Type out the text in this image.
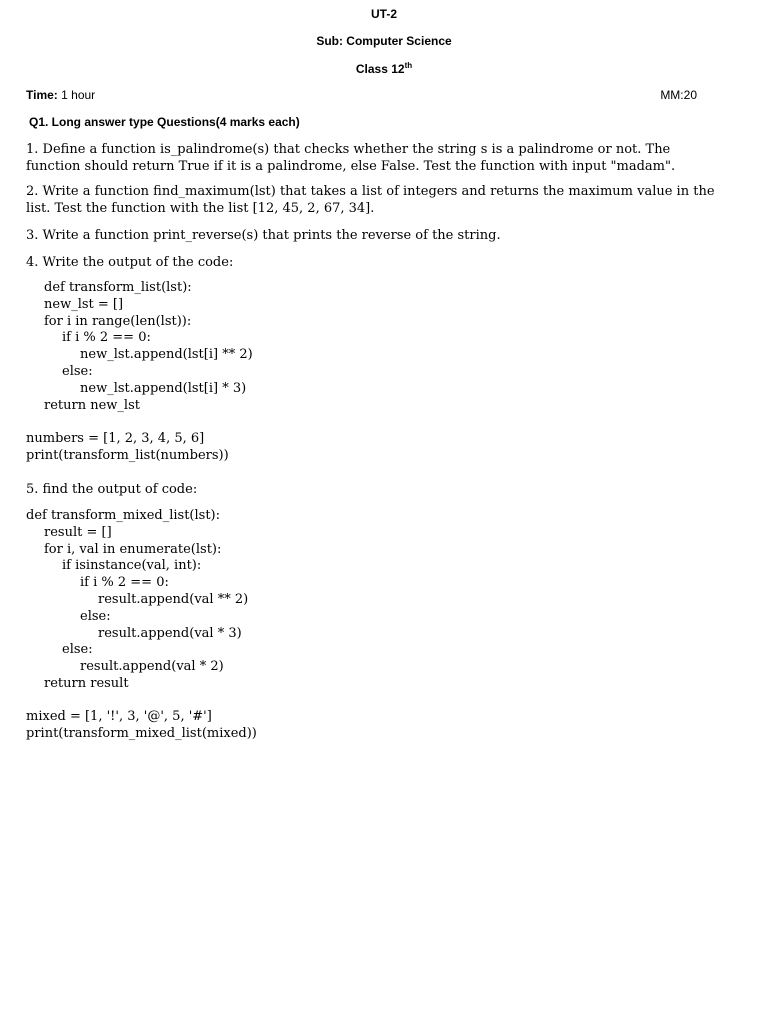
UT-2
Sub: Computer Science
Class 12th
Time: 1 hour	MM:20
Q1. Long answer type Questions(4 marks each)

1. Define a function is_palindrome(s) that checks whether the string s is a palindrome or not. The function should return True if it is a palindrome, else False. Test the function with input "madam".

2. Write a function find_maximum(lst) that takes a list of integers and returns the maximum value in the list. Test the function with the list [12, 45, 2, 67, 34].

3. Write a function print_reverse(s) that prints the reverse of the string.

4. Write the output of the code:

def transform_list(lst):
new_lst = []
for i in range(len(lst)):
if i % 2 == 0:
new_lst.append(lst[i] ** 2)
else:
new_lst.append(lst[i] * 3)
return new_lst
numbers = [1, 2, 3, 4, 5, 6]
print(transform_list(numbers))

5. find the output of code:

def transform_mixed_list(lst):
result = []
for i, val in enumerate(lst):
if isinstance(val, int):
if i % 2 == 0:
result.append(val ** 2)
else:
result.append(val * 3)
else:
result.append(val * 2)
return result
mixed = [1, '!', 3, '@', 5, '#']
print(transform_mixed_list(mixed))
